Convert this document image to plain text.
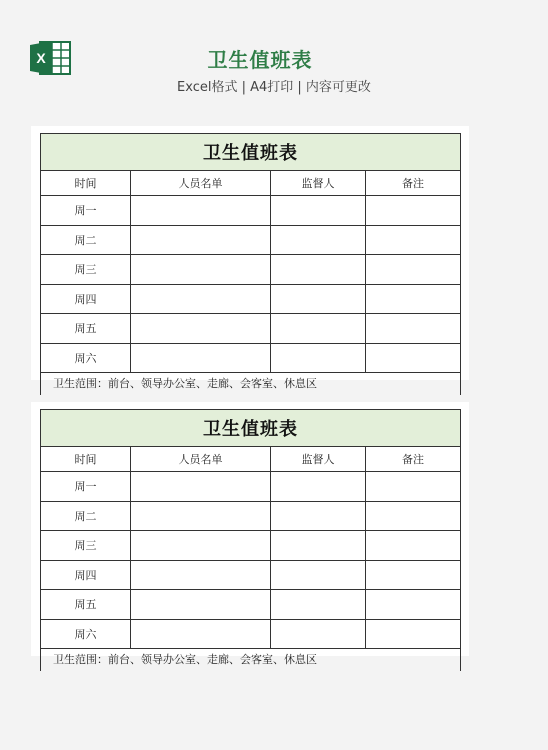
X	卫生值班表
Excel格式 | A4打印 | 内容可更改
卫生值班表			
时间	人员名单	监督人	备注
周一			
周二			
周三			
周四			
周五			
周六			
卫生范围：前台、领导办公室、走廊、会客室、休息区			
卫生值班表			
时间	人员名单	监督人	备注
周一			
周二			
周三			
周四			
周五			
周六			
卫生范围：前台、领导办公室、走廊、会客室、休息区			
